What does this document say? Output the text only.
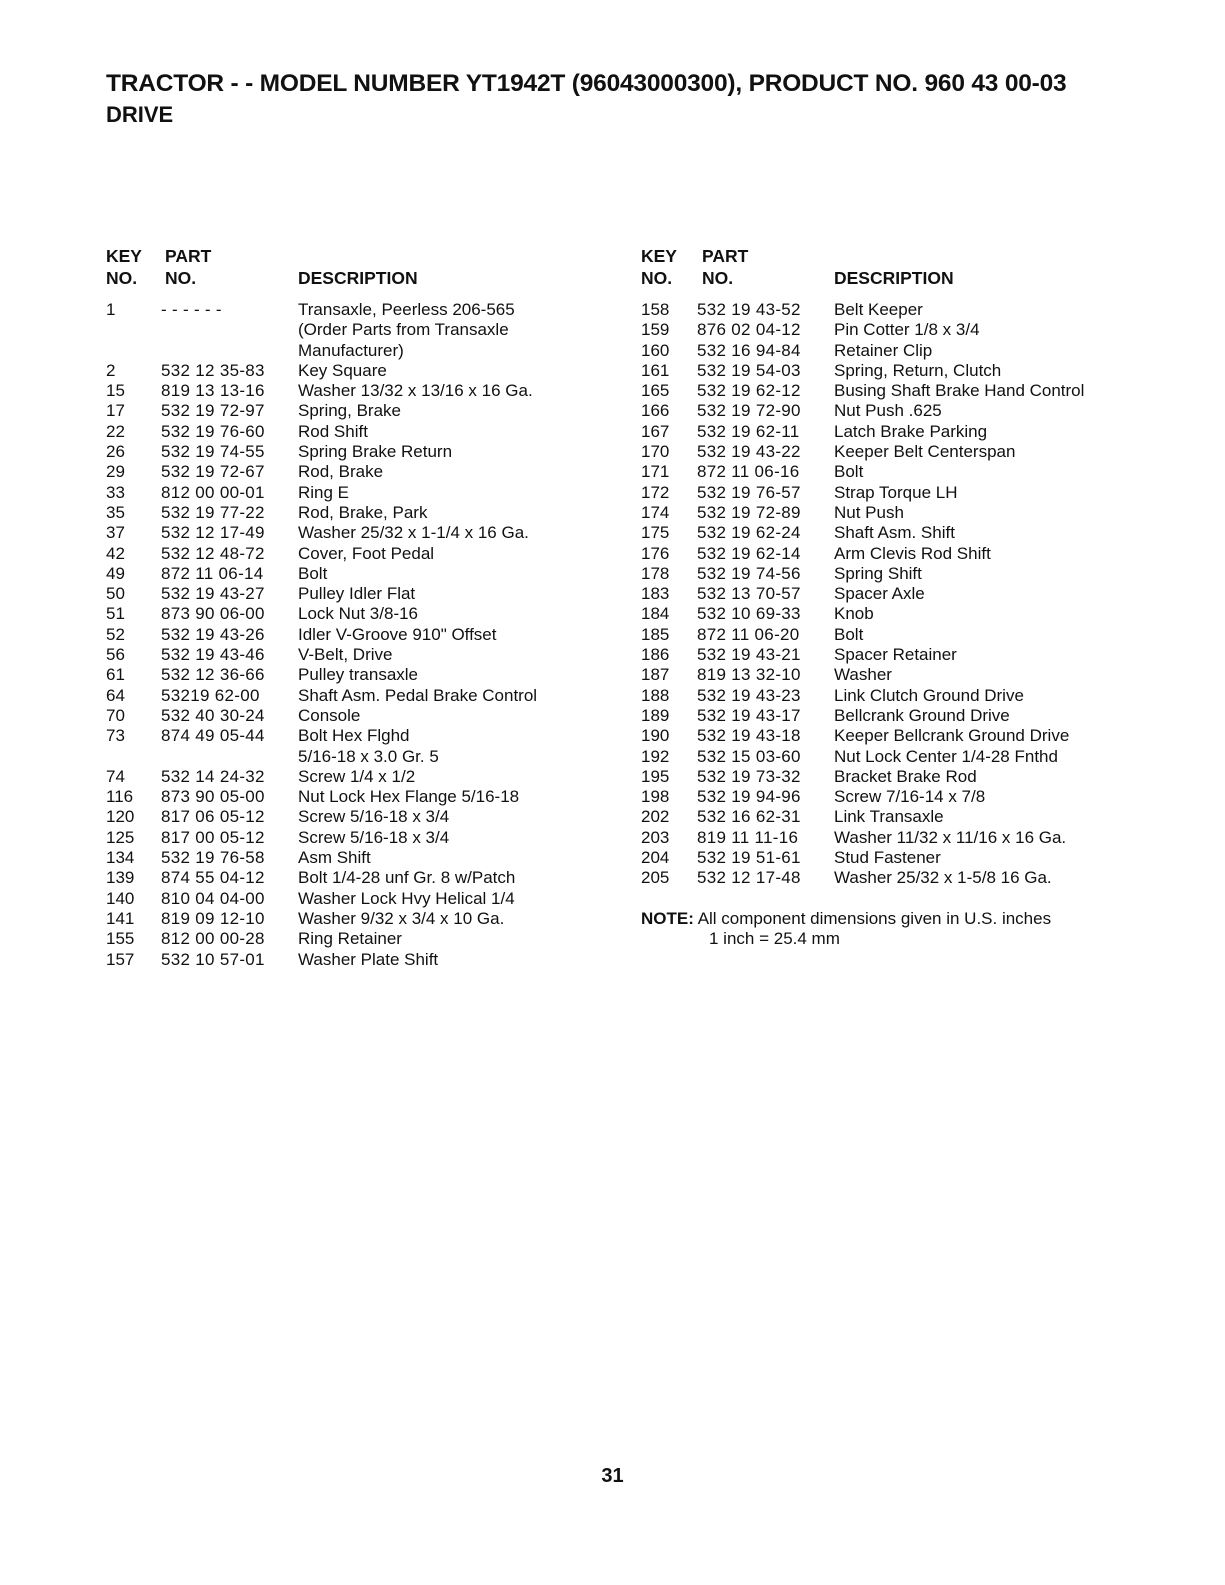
TRACTOR - - MODEL NUMBER YT1942T (96043000300), PRODUCT NO. 960 43 00-03
DRIVE
KEY
NO.
PART
NO.	DESCRIPTION
KEY
NO.
PART
NO.	DESCRIPTION
1	- - - - - -	Transaxle, Peerless 206-565
(Order Parts from Transaxle
Manufacturer)
2	532 12 35-83 Key Square
15 819 13 13-16 Washer 13/32 x 13/16 x 16 Ga.
17 532 19 72-97 Spring, Brake
22 532 19 76-60 Rod Shift
26 532 19 74-55 Spring Brake Return
29 532 19 72-67 Rod, Brake
33 812 00 00-01 Ring E
35 532 19 77-22 Rod, Brake, Park
37 532 12 17-49 Washer 25/32 x 1-1/4 x 16 Ga.
42 532 12 48-72 Cover, Foot Pedal
49 872 11 06-14 Bolt
50 532 19 43-27 Pulley Idler Flat
51 873 90 06-00 Lock Nut 3/8-16
52 532 19 43-26 Idler V-Groove 910" Offset
56 532 19 43-46 V-Belt, Drive
61 532 12 36-66 Pulley transaxle
64 53219 62-00 Shaft Asm. Pedal Brake Control
70 532 40 30-24 Console
73 874 49 05-44 Bolt Hex Flghd
5/16-18 x 3.0 Gr. 5
74 532 14 24-32 Screw 1/4 x 1/2
116 873 90 05-00 Nut Lock Hex Flange 5/16-18
120 817 06 05-12 Screw 5/16-18 x 3/4
125 817 00 05-12 Screw 5/16-18 x 3/4
134 532 19 76-58 Asm Shift
139 874 55 04-12 Bolt 1/4-28 unf Gr. 8 w/Patch
140 810 04 04-00 Washer Lock Hvy Helical 1/4
141 819 09 12-10 Washer 9/32 x 3/4 x 10 Ga.
155 812 00 00-28 Ring Retainer
157 532 10 57-01 Washer Plate Shift
158 532 19 43-52 Belt Keeper
159 876 02 04-12 Pin Cotter 1/8 x 3/4
160 532 16 94-84 Retainer Clip
161 532 19 54-03 Spring, Return, Clutch
165 532 19 62-12 Busing Shaft Brake Hand Control
166 532 19 72-90 Nut Push .625
167 532 19 62-11 Latch Brake Parking
170 532 19 43-22 Keeper Belt Centerspan
171 872 11 06-16 Bolt
172 532 19 76-57 Strap Torque LH
174 532 19 72-89 Nut Push
175 532 19 62-24 Shaft Asm. Shift
176 532 19 62-14 Arm Clevis Rod Shift
178 532 19 74-56 Spring Shift
183 532 13 70-57 Spacer Axle
184 532 10 69-33 Knob
185 872 11 06-20 Bolt
186 532 19 43-21 Spacer Retainer
187 819 13 32-10 Washer
188 532 19 43-23 Link Clutch Ground Drive
189 532 19 43-17 Bellcrank Ground Drive
190 532 19 43-18 Keeper Bellcrank Ground Drive
192 532 15 03-60 Nut Lock Center 1/4-28 Fnthd
195 532 19 73-32 Bracket Brake Rod
198 532 19 94-96 Screw 7/16-14 x 7/8
202 532 16 62-31 Link Transaxle
203 819 11 11-16 Washer 11/32 x 11/16 x 16 Ga.
204 532 19 51-61 Stud Fastener
205 532 12 17-48 Washer 25/32 x 1-5/8 16 Ga.
NOTE: All component dimensions given in U.S. inches
1 inch = 25.4 mm
31
